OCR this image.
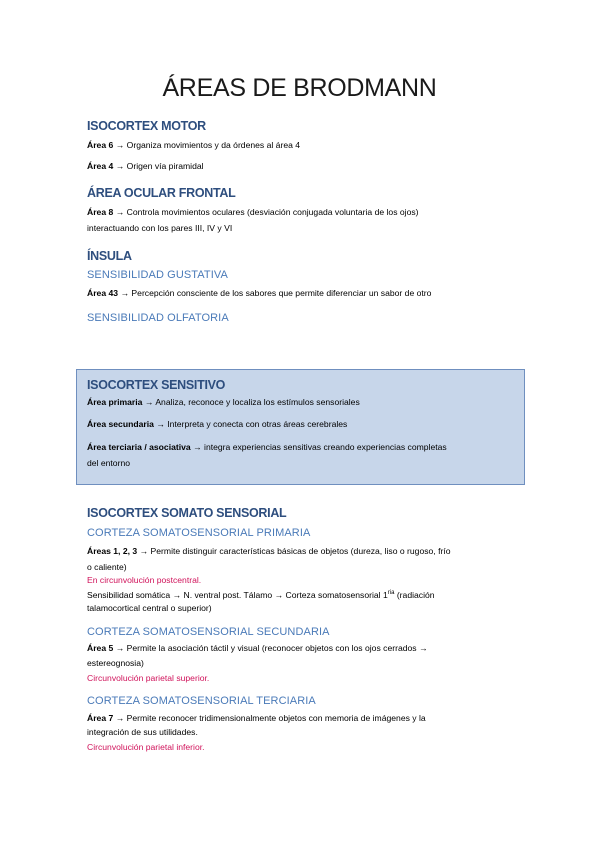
ÁREAS DE BRODMANN
ISOCORTEX MOTOR
Área 6 → Organiza movimientos y da órdenes al área 4
Área 4 → Origen vía piramidal
ÁREA OCULAR FRONTAL
Área 8 → Controla movimientos oculares (desviación conjugada voluntaria de los ojos)
interactuando con los pares III, IV y VI
ÍNSULA
SENSIBILIDAD GUSTATIVA
Área 43 → Percepción consciente de los sabores que permite diferenciar un sabor de otro
SENSIBILIDAD OLFATORIA
ISOCORTEX SENSITIVO
Área primaria → Analiza, reconoce y localiza los estímulos sensoriales
Área secundaria → Interpreta y conecta con otras áreas cerebrales
Área terciaria / asociativa → integra experiencias sensitivas creando experiencias completas
del entorno
ISOCORTEX SOMATO SENSORIAL
CORTEZA SOMATOSENSORIAL PRIMARIA
Áreas 1, 2, 3 → Permite distinguir características básicas de objetos (dureza, liso o rugoso, frío
o caliente)
En circunvolución postcentral.
Sensibilidad somática → N. ventral post. Tálamo → Corteza somatosensorial $1^{ria}$ (radiación
talamocortical central o superior)
CORTEZA SOMATOSENSORIAL SECUNDARIA
Área 5 → Permite la asociación táctil y visual (reconocer objetos con los ojos cerrados →
estereognosia)
Circunvolución parietal superior.
CORTEZA SOMATOSENSORIAL TERCIARIA
Área 7 → Permite reconocer tridimensionalmente objetos con memoria de imágenes y la
integración de sus utilidades.
Circunvolución parietal inferior.
